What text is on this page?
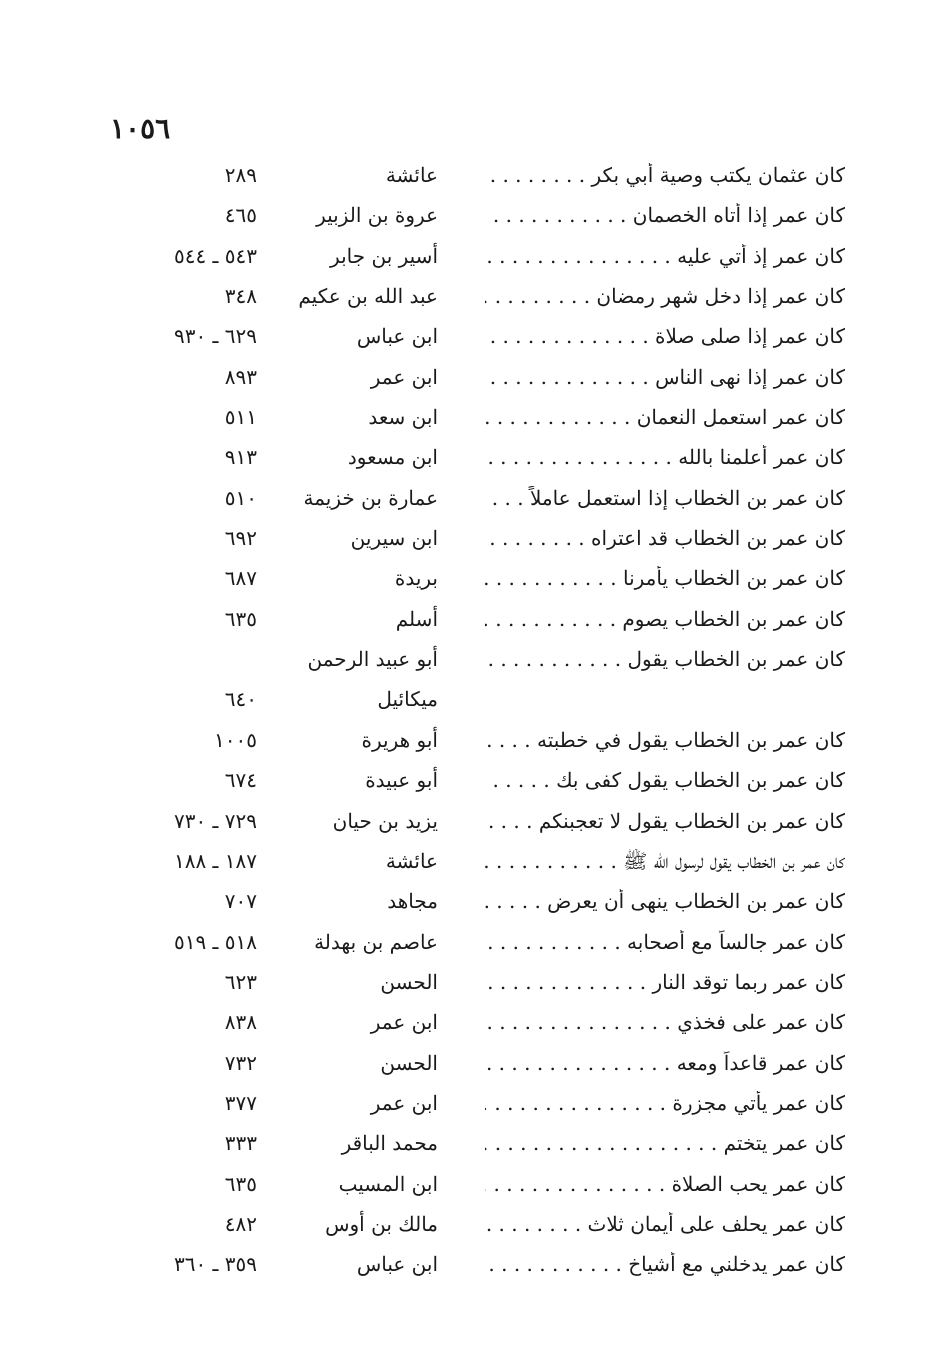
١٠٥٦
كان عثمان يكتب وصية أبي بكر . . .
عائشة
٢٨٩
كان عمر إذا أتاه الخصمان . . .
عروة بن الزبير
٤٦٥
كان عمر إذ أتي عليه . . .
أسير بن جابر
٥٤٣ ـ ٥٤٤
كان عمر إذا دخل شهر رمضان . . .
عبد الله بن عكيم
٣٤٨
كان عمر إذا صلى صلاة . . .
ابن عباس
٦٢٩ ـ ٩٣٠
كان عمر إذا نهى الناس . . .
ابن عمر
٨٩٣
كان عمر استعمل النعمان . . .
ابن سعد
٥١١
كان عمر أعلمنا بالله . . .
ابن مسعود
٩١٣
كان عمر بن الخطاب إذا استعمل عاملاً . . .
عمارة بن خزيمة
٥١٠
كان عمر بن الخطاب قد اعتراه . . .
ابن سيرين
٦٩٢
كان عمر بن الخطاب يأمرنا . . .
بريدة
٦٨٧
كان عمر بن الخطاب يصوم . . .
أسلم
٦٣٥
كان عمر بن الخطاب يقول . . .
أبو عبيد الرحمن
ميكائيل
٦٤٠
كان عمر بن الخطاب يقول في خطبته . . .
أبو هريرة
١٠٠٥
كان عمر بن الخطاب يقول كفى بك . . .
أبو عبيدة
٦٧٤
كان عمر بن الخطاب يقول لا تعجبنكم . . .
يزيد بن حيان
٧٢٩ ـ ٧٣٠
كان عمر بن الخطاب يقول لرسول الله ﷺ . . .
عائشة
١٨٧ ـ ١٨٨
كان عمر بن الخطاب ينهى أن يعرض . . .
مجاهد
٧٠٧
كان عمر جالساً مع أصحابه . . .
عاصم بن بهدلة
٥١٨ ـ ٥١٩
كان عمر ربما توقد النار . . .
الحسن
٦٢٣
كان عمر على فخذي . . .
ابن عمر
٨٣٨
كان عمر قاعداً ومعه . . .
الحسن
٧٣٢
كان عمر يأتي مجزرة . . .
ابن عمر
٣٧٧
كان عمر يتختم . . .
محمد الباقر
٣٣٣
كان عمر يحب الصلاة . . .
ابن المسيب
٦٣٥
كان عمر يحلف على أيمان ثلاث . . .
مالك بن أوس
٤٨٢
كان عمر يدخلني مع أشياخ . . .
ابن عباس
٣٥٩ ـ ٣٦٠
